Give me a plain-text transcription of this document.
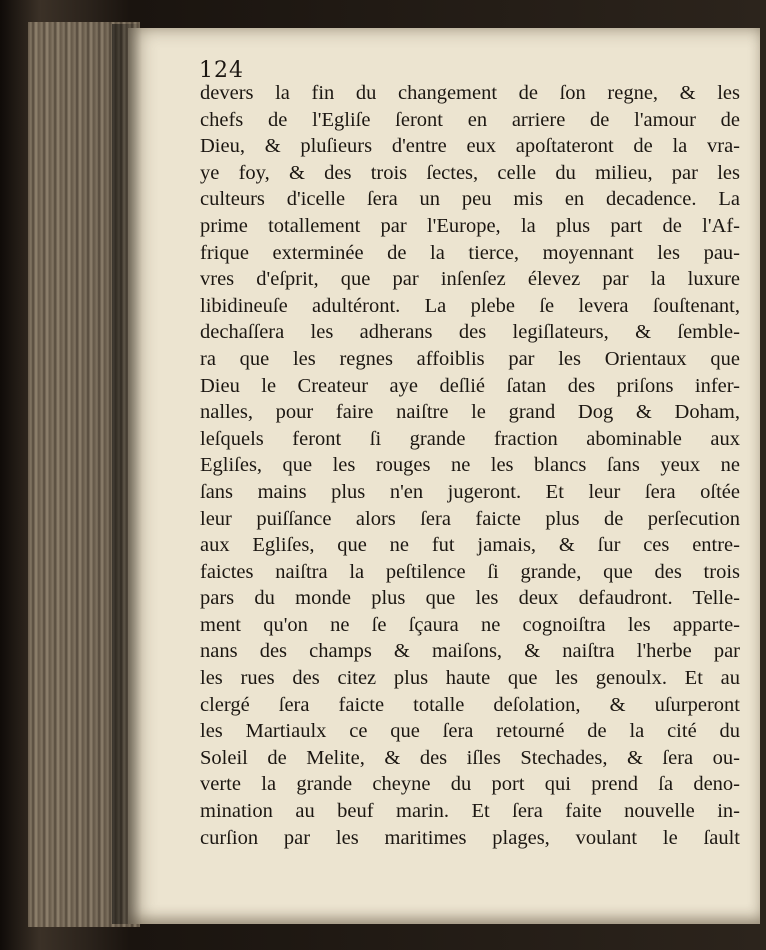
124
devers la fin du changement de ſon regne, & les
chefs de l'Egliſe ſeront en arriere de l'amour de
Dieu, & pluſieurs d'entre eux apoſtateront de la vra-
ye foy, & des trois ſectes, celle du milieu, par les
culteurs d'icelle ſera un peu mis en decadence. La
prime totallement par l'Europe, la plus part de l'Af-
frique exterminée de la tierce, moyennant les pau-
vres d'eſprit, que par inſenſez élevez par la luxure
libidineuſe adultéront. La plebe ſe levera ſouſtenant,
dechaſſera les adherans des legiſlateurs, & ſemble-
ra que les regnes affoiblis par les Orientaux que
Dieu le Createur aye deſlié ſatan des priſons infer-
nalles, pour faire naiſtre le grand Dog & Doham,
leſquels feront ſi grande fraction abominable aux
Egliſes, que les rouges ne les blancs ſans yeux ne
ſans mains plus n'en jugeront. Et leur ſera oſtée
leur puiſſance alors ſera faicte plus de perſecution
aux Egliſes, que ne fut jamais, & ſur ces entre-
faictes naiſtra la peſtilence ſi grande, que des trois
pars du monde plus que les deux defaudront. Telle-
ment qu'on ne ſe ſçaura ne cognoiſtra les apparte-
nans des champs & maiſons, & naiſtra l'herbe par
les rues des citez plus haute que les genoulx. Et au
clergé ſera faicte totalle deſolation, & uſurperont
les Martiaulx ce que ſera retourné de la cité du
Soleil de Melite, & des iſles Stechades, & ſera ou-
verte la grande cheyne du port qui prend ſa deno-
mination au beuf marin. Et ſera faite nouvelle in-
curſion par les maritimes plages, voulant le ſault
